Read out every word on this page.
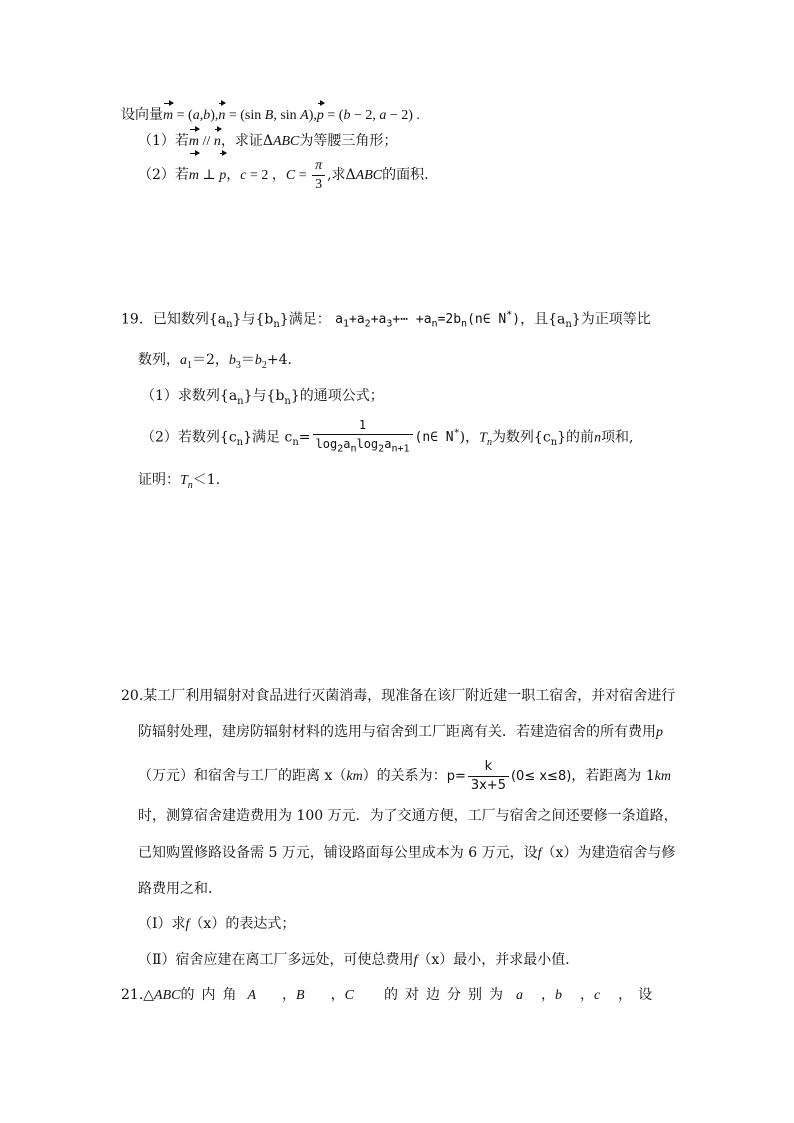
设向量m = (a,b),n = (sin B, sin A),p = (b − 2, a − 2) .
（1）若m // n，求证ΔABC为等腰三角形；
（2）若m ⊥ p，c = 2 ，$C = \frac{\pi}{3}$ ,求ΔABC的面积.
19．已知数列$\{a_n\}$与$\{b_n\}$满足： $a_1+a_2+a_3+\cdots$ $+a_n=2b_n(n\in$ N*)，且$\{a_n\}$为正项等比
数列，$a_1=2$，$b_3=b_2+4$．
（1）求数列$\{a_n\}$与$\{b_n\}$的通项公式；
（2）若数列$\{c_n\}$满足 $c_n= \frac{1}{\log_2a_n\log_2a_{n+1}}$ (n∈ N*)，$T_n$为数列$\{c_n\}$的前n项和,
证明：$T_n<1$．
20.某工厂利用辐射对食品进行灭菌消毒，现准备在该厂附近建一职工宿舍，并对宿舍进行
防辐射处理，建房防辐射材料的选用与宿舍到工厂距离有关．若建造宿舍的所有费用p
（万元）和宿舍与工厂的距离 x（km）的关系为：$p= \frac{k}{3x+5} (0\le x\le 8)$，若距离为 1km
时，测算宿舍建造费用为 100 万元．为了交通方便，工厂与宿舍之间还要修一条道路，
已知购置修路设备需 5 万元，铺设路面每公里成本为 6 万元，设f（x）为建造宿舍与修
路费用之和．
（Ⅰ）求f（x）的表达式；
（Ⅱ）宿舍应建在离工厂多远处，可使总费用f（x）最小，并求最小值．
21.△ABC的内角 A ，B ，C 的对边分别为 a ，b ，c ， 设
